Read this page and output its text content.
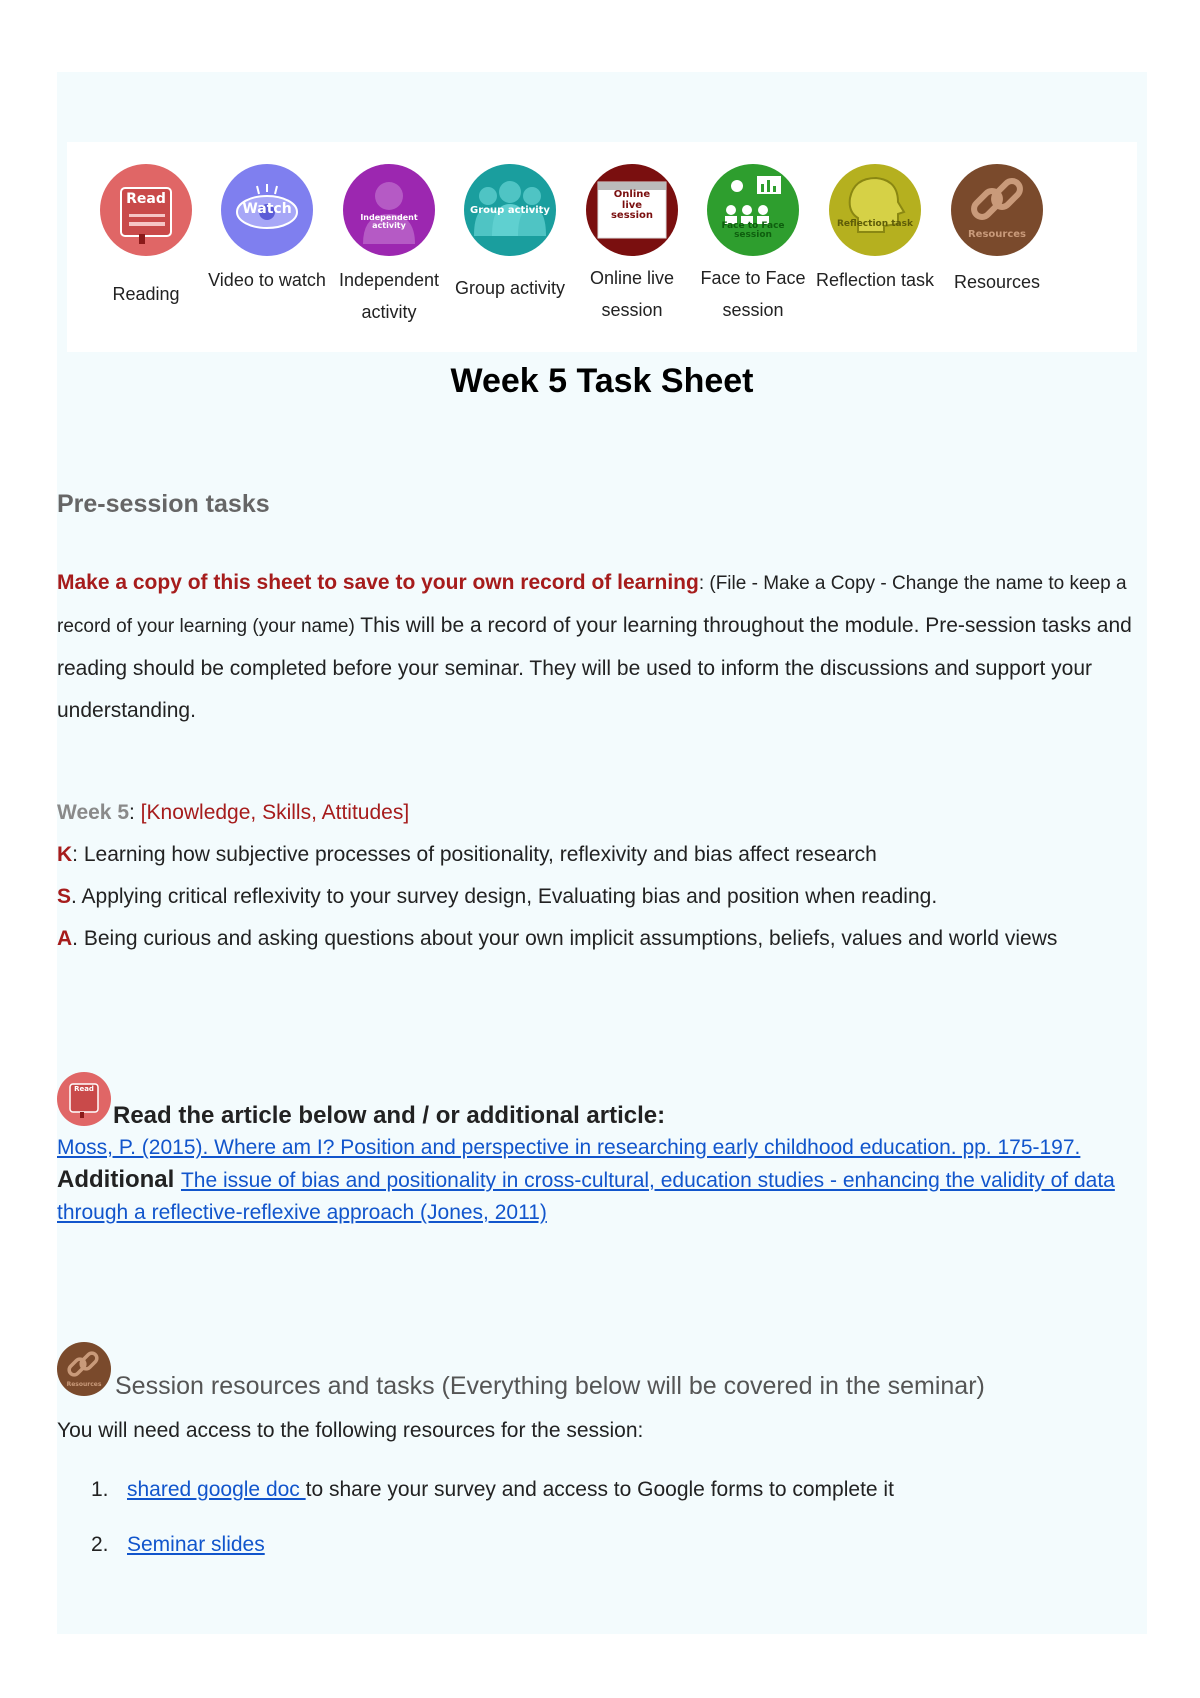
Read
Reading
Watch
Video to watch
Independent activity
Independent activity
Group activity
Group activity
Online live session
Online live session
Face to Face session
Face to Face session
Reflection task
Reflection task
Resources
Resources
Week 5 Task Sheet
Pre-session tasks

Make a copy of this sheet to save to your own record of learning: (File - Make a Copy - Change the name to keep a record of your learning (your name) This will be a record of your learning throughout the module. Pre-session tasks and reading should be completed before your seminar. They will be used to inform the discussions and support your understanding.

Week 5: [Knowledge, Skills, Attitudes]
K: Learning how subjective processes of positionality, reflexivity and bias affect research
S. Applying critical reflexivity to your survey design, Evaluating bias and position when reading.
A. Being curious and asking questions about your own implicit assumptions, beliefs, values and world views

Read
Read the article below and / or additional article:

Moss, P. (2015). Where am I? Position and perspective in researching early childhood education. pp. 175-197.
Additional The issue of bias and positionality in cross-cultural, education studies - enhancing the validity of data through a reflective-reflexive approach (Jones, 2011)

Resources Session resources and tasks (Everything below will be covered in the seminar)

You will need access to the following resources for the session:

1. shared google doc to share your survey and access to Google forms to complete it
2. Seminar slides
